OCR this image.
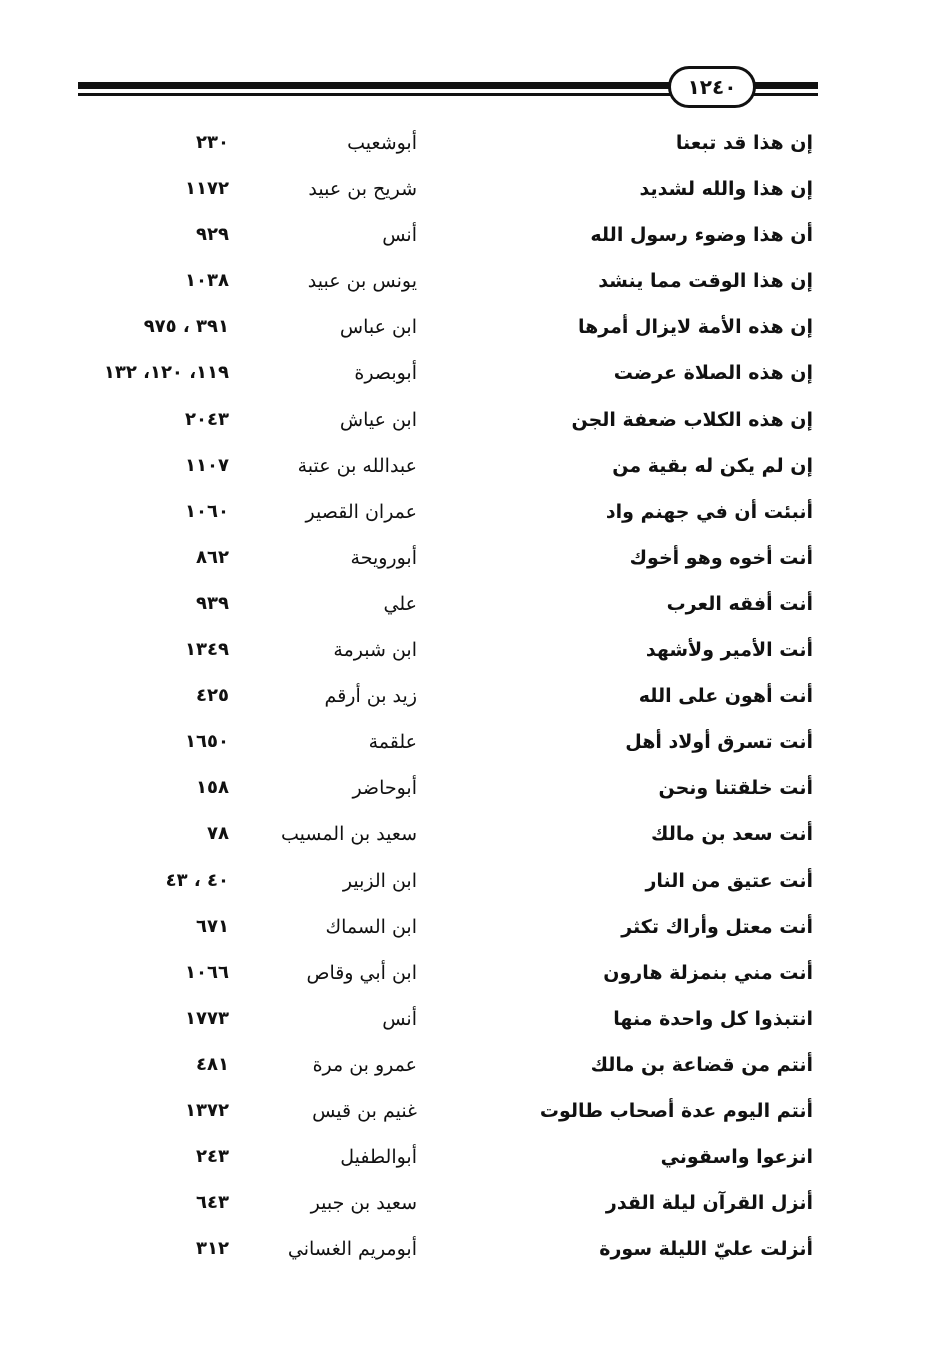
١٢٤٠
إن هذا قد تبعنا
أبوشعيب
٢٣٠
إن هذا والله لشديد
شريح بن عبيد
١١٧٢
أن هذا وضوء رسول الله
أنس
٩٢٩
إن هذا الوقت مما ينشد
يونس بن عبيد
١٠٣٨
إن هذه الأمة لايزال أمرها
ابن عباس
٣٩١ ، ٩٧٥
إن هذه الصلاة عرضت
أبوبصرة
١١٩، ١٢٠، ١٣٢
إن هذه الكلاب ضعفة الجن
ابن عياش
٢٠٤٣
إن لم يكن له بقية من
عبدالله بن عتبة
١١٠٧
أنبئت أن في جهنم واد
عمران القصير
١٠٦٠
أنت أخوه وهو أخوك
أبورويحة
٨٦٢
أنت أفقه العرب
علي
٩٣٩
أنت الأمير ولأشهد
ابن شبرمة
١٣٤٩
أنت أهون على الله
زيد بن أرقم
٤٢٥
أنت تسرق أولاد أهل
علقمة
١٦٥٠
أنت خلقتنا ونحن
أبوحاضر
١٥٨
أنت سعد بن مالك
سعيد بن المسيب
٧٨
أنت عتيق من النار
ابن الزبير
٤٠ ، ٤٣
أنت معتل وأراك تكثر
ابن السماك
٦٧١
أنت مني بنمزلة هارون
ابن أبي وقاص
١٠٦٦
انتبذوا كل واحدة منها
أنس
١٧٧٣
أنتم من قضاعة بن مالك
عمرو بن مرة
٤٨١
أنتم اليوم عدة أصحاب طالوت
غنيم بن قيس
١٣٧٢
انزعوا واسقوني
أبوالطفيل
٢٤٣
أنزل القرآن ليلة القدر
سعيد بن جبير
٦٤٣
أنزلت عليّ الليلة سورة
أبومريم الغساني
٣١٢
